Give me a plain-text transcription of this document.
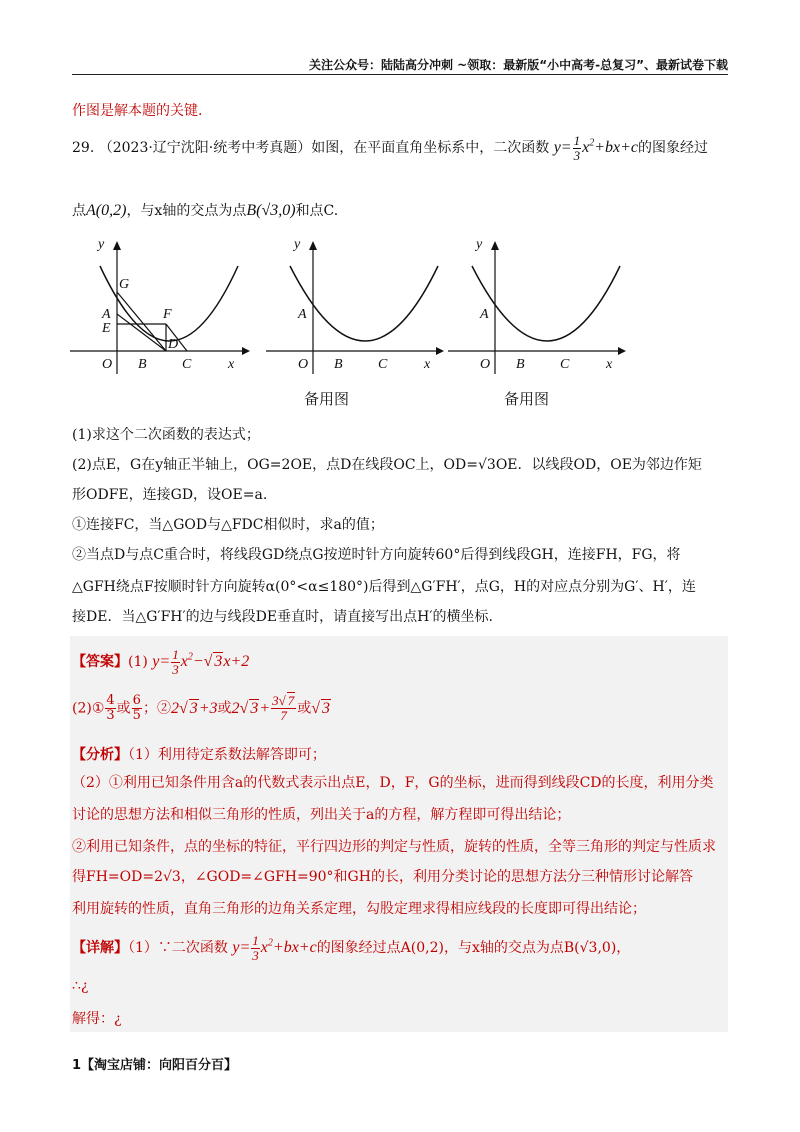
关注公众号：陆陆高分冲刺 ~领取：最新版“小中高考-总复习”、最新试卷下载
作图是解本题的关键.
29. （2023·辽宁沈阳·统考中考真题）如图，在平面直角坐标系中，二次函数 $y= \frac{1}{3} x^2+bx+c$的图象经过
点A(0,2)，与x轴的交点为点B(√3,0)和点C.
y
G
F
A
E
D
O B	C	x
y
A
O B	C	x
y
A
O B	C	x
备用图	备用图
(1)求这个二次函数的表达式；
(2)点E，G在y轴正半轴上，OG=2OE，点D在线段OC上，OD=√3OE．以线段OD，OE为邻边作矩
形ODFE，连接GD，设OE=a.
①连接FC，当△GOD与△FDC相似时，求a的值；
②当点D与点C重合时，将线段GD绕点G按逆时针方向旋转60°后得到线段GH，连接FH，FG，将
△GFH绕点F按顺时针方向旋转α(0°<α≤180°)后得到△G′FH′，点G，H的对应点分别为G′、H′，连
接DE．当△G′FH′的边与线段DE垂直时，请直接写出点H′的横坐标.
【答案】(1) $y= \frac{1}{3} x^2-√$ 3x+2
(2)① $\frac{4}{3}$ 或 $\frac{6}{5}$ ；②2√ 3+3或2√ $3+ \frac{3√ 7}{7}$ 或√ 3
【分析】（1）利用待定系数法解答即可；
（2）①利用已知条件用含a的代数式表示出点E，D，F，G的坐标，进而得到线段CD的长度，利用分类
讨论的思想方法和相似三角形的性质，列出关于a的方程，解方程即可得出结论；
②利用已知条件，点的坐标的特征，平行四边形的判定与性质，旋转的性质，全等三角形的判定与性质求
得FH=OD=2√3，∠GOD=∠GFH=90°和GH的长，利用分类讨论的思想方法分三种情形讨论解答
利用旋转的性质，直角三角形的边角关系定理，勾股定理求得相应线段的长度即可得出结论；
【详解】（1）∵二次函数 $y= \frac{1}{3} x^2+bx+c$的图象经过点A(0,2)，与x轴的交点为点B(√3,0)，
∴¿
解得：¿
1【淘宝店铺：向阳百分百】
